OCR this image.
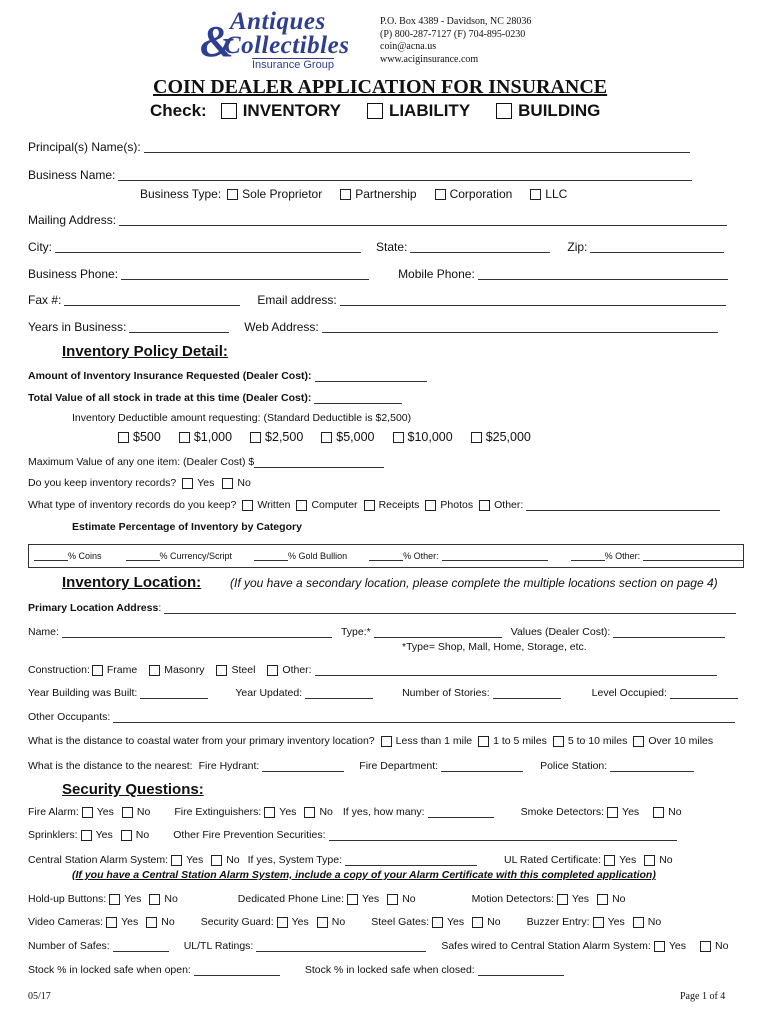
Antiques
&
Collectibles
Insurance Group
P.O. Box 4389 - Davidson, NC 28036
(P) 800-287-7127 (F) 704-895-0230
coin@acna.us
www.aciginsurance.com
COIN DEALER APPLICATION FOR INSURANCE
Check: INVENTORY	LIABILITY	BUILDING
Principal(s) Name(s):
Business Name:
Business Type: Sole Proprietor	Partnership	Corporation	LLC
Mailing Address:
City:	State:	Zip:
Business Phone:	Mobile Phone:
Fax #:	Email address:
Years in Business:	Web Address:
Inventory Policy Detail:
Amount of Inventory Insurance Requested (Dealer Cost):
Total Value of all stock in trade at this time (Dealer Cost):
Inventory Deductible amount requesting: (Standard Deductible is $2,500)
$500	$1,000	$2,500	$5,000	$10,000	$25,000
Maximum Value of any one item: (Dealer Cost) $
Do you keep inventory records? Yes No
What type of inventory records do you keep? Written Computer Receipts Photos Other:
Estimate Percentage of Inventory by Category
% Coins	% Currency/Script	% Gold Bullion	% Other:	% Other:
Inventory Location: (If you have a secondary location, please complete the multiple locations section on page 4)
Primary Location Address :
Name:	Type:*	Values (Dealer Cost):
*Type= Shop, Mall, Home, Storage, etc.
Construction: Frame	Masonry	Steel	Other:
Year Building was Built:	Year Updated:	Number of Stories:	Level Occupied:
Other Occupants:
What is the distance to coastal water from your primary inventory location? Less than 1 mile 1 to 5 miles 5 to 10 miles Over 10 miles
What is the distance to the nearest: Fire Hydrant:	Fire Department:	Police Station:
Security Questions:
Fire Alarm: Yes No Fire Extinguishers: Yes No If yes, how many:	Smoke Detectors: Yes	No
Sprinklers: Yes No Other Fire Prevention Securities:
Central Station Alarm System: Yes No If yes, System Type:	UL Rated Certificate: Yes No
(If you have a Central Station Alarm System, include a copy of your Alarm Certificate with this completed application)
Hold-up Buttons: Yes No	Dedicated Phone Line: Yes No	Motion Detectors: Yes No
Video Cameras: Yes No Security Guard: Yes No Steel Gates: Yes No Buzzer Entry: Yes No
Number of Safes:	UL/TL Ratings:	Safes wired to Central Station Alarm System: Yes	No
Stock % in locked safe when open:	Stock % in locked safe when closed:
05/17	Page 1 of 4
